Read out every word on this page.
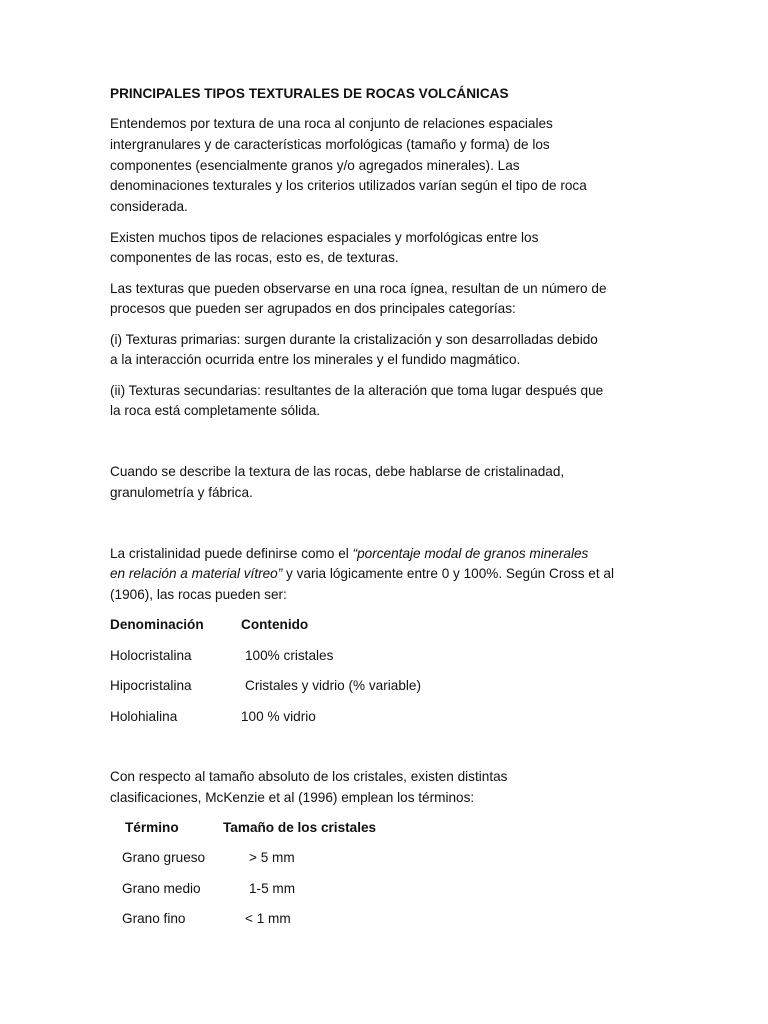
PRINCIPALES TIPOS TEXTURALES DE ROCAS VOLCÁNICAS
Entendemos por textura de una roca al conjunto de relaciones espaciales
intergranulares y de características morfológicas (tamaño y forma) de los
componentes (esencialmente granos y/o agregados minerales). Las
denominaciones texturales y los criterios utilizados varían según el tipo de roca
considerada.
Existen muchos tipos de relaciones espaciales y morfológicas entre los
componentes de las rocas, esto es, de texturas.
Las texturas que pueden observarse en una roca ígnea, resultan de un número de
procesos que pueden ser agrupados en dos principales categorías:
(i) Texturas primarias: surgen durante la cristalización y son desarrolladas debido
a la interacción ocurrida entre los minerales y el fundido magmático.
(ii) Texturas secundarias: resultantes de la alteración que toma lugar después que
la roca está completamente sólida.
Cuando se describe la textura de las rocas, debe hablarse de cristalinadad,
granulometría y fábrica.
La cristalinidad puede definirse como el “porcentaje modal de granos minerales
en relación a material vítreo” y varia lógicamente entre 0 y 100%. Según Cross et al
(1906), las rocas pueden ser:
Denominación	Contenido
Holocristalina	100% cristales
Hipocristalina	Cristales y vidrio (% variable)
Holohialina	100 % vidrio
Con respecto al tamaño absoluto de los cristales, existen distintas
clasificaciones, McKenzie et al (1996) emplean los términos:
Término	Tamaño de los cristales
Grano grueso	> 5 mm
Grano medio	1-5 mm
Grano fino	< 1 mm
